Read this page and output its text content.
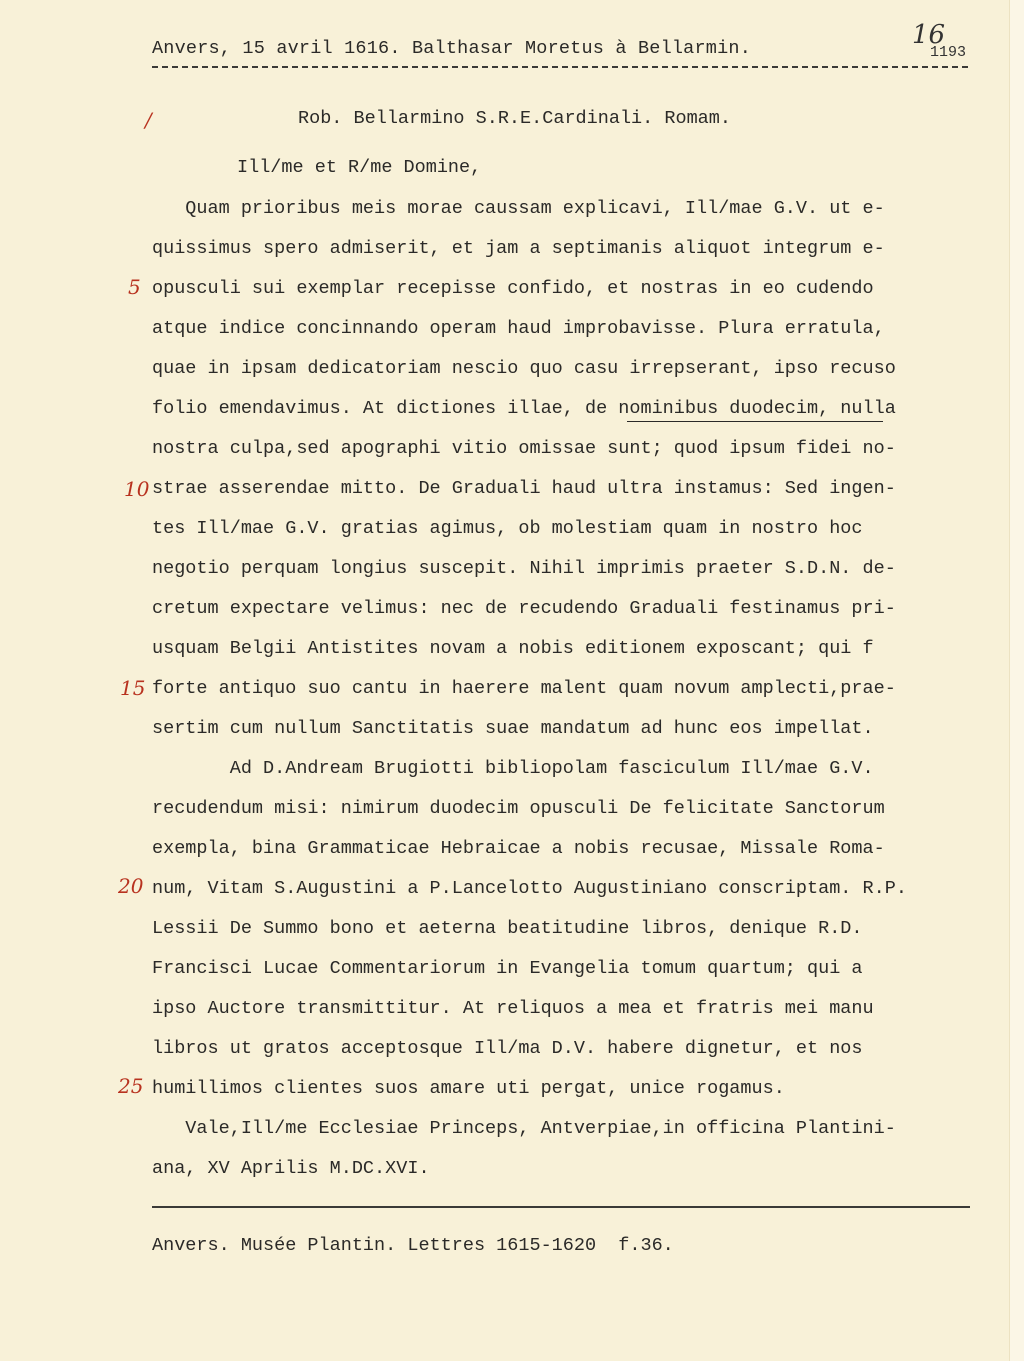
Anvers, 15 avril 1616. Balthasar Moretus à Bellarmin.	16
1193
/	Rob. Bellarmino S.R.E.Cardinali. Romam.
Ill/me et R/me Domine,
Quam prioribus meis morae caussam explicavi, Ill/mae G.V. ut e-
quissimus spero admiserit, et jam a septimanis aliquot integrum e-
5 opusculi sui exemplar recepisse confido, et nostras in eo cudendo
atque indice concinnando operam haud improbavisse. Plura erratula,
quae in ipsam dedicatoriam nescio quo casu irrepserant, ipso recuso
folio emendavimus. At dictiones illae, de nominibus duodecim, nulla
nostra culpa,sed apographi vitio omissae sunt; quod ipsum fidei no-
10 strae asserendae mitto. De Graduali haud ultra instamus: Sed ingen-
tes Ill/mae G.V. gratias agimus, ob molestiam quam in nostro hoc
negotio perquam longius suscepit. Nihil imprimis praeter S.D.N. de-
cretum expectare velimus: nec de recudendo Graduali festinamus pri-
usquam Belgii Antistites novam a nobis editionem exposcant; qui f
15 forte antiquo suo cantu in haerere malent quam novum amplecti,prae-
sertim cum nullum Sanctitatis suae mandatum ad hunc eos impellat.
Ad D.Andream Brugiotti bibliopolam fasciculum Ill/mae G.V.
recudendum misi: nimirum duodecim opusculi De felicitate Sanctorum
exempla, bina Grammaticae Hebraicae a nobis recusae, Missale Roma-
20 num, Vitam S.Augustini a P.Lancelotto Augustiniano conscriptam. R.P.
Lessii De Summo bono et aeterna beatitudine libros, denique R.D.
Francisci Lucae Commentariorum in Evangelia tomum quartum; qui a
ipso Auctore transmittitur. At reliquos a mea et fratris mei manu
libros ut gratos acceptosque Ill/ma D.V. habere dignetur, et nos
25 humillimos clientes suos amare uti pergat, unice rogamus.
Vale,Ill/me Ecclesiae Princeps, Antverpiae,in officina Plantini-
ana, XV Aprilis M.DC.XVI.
Anvers. Musée Plantin. Lettres 1615-1620  f.36.
